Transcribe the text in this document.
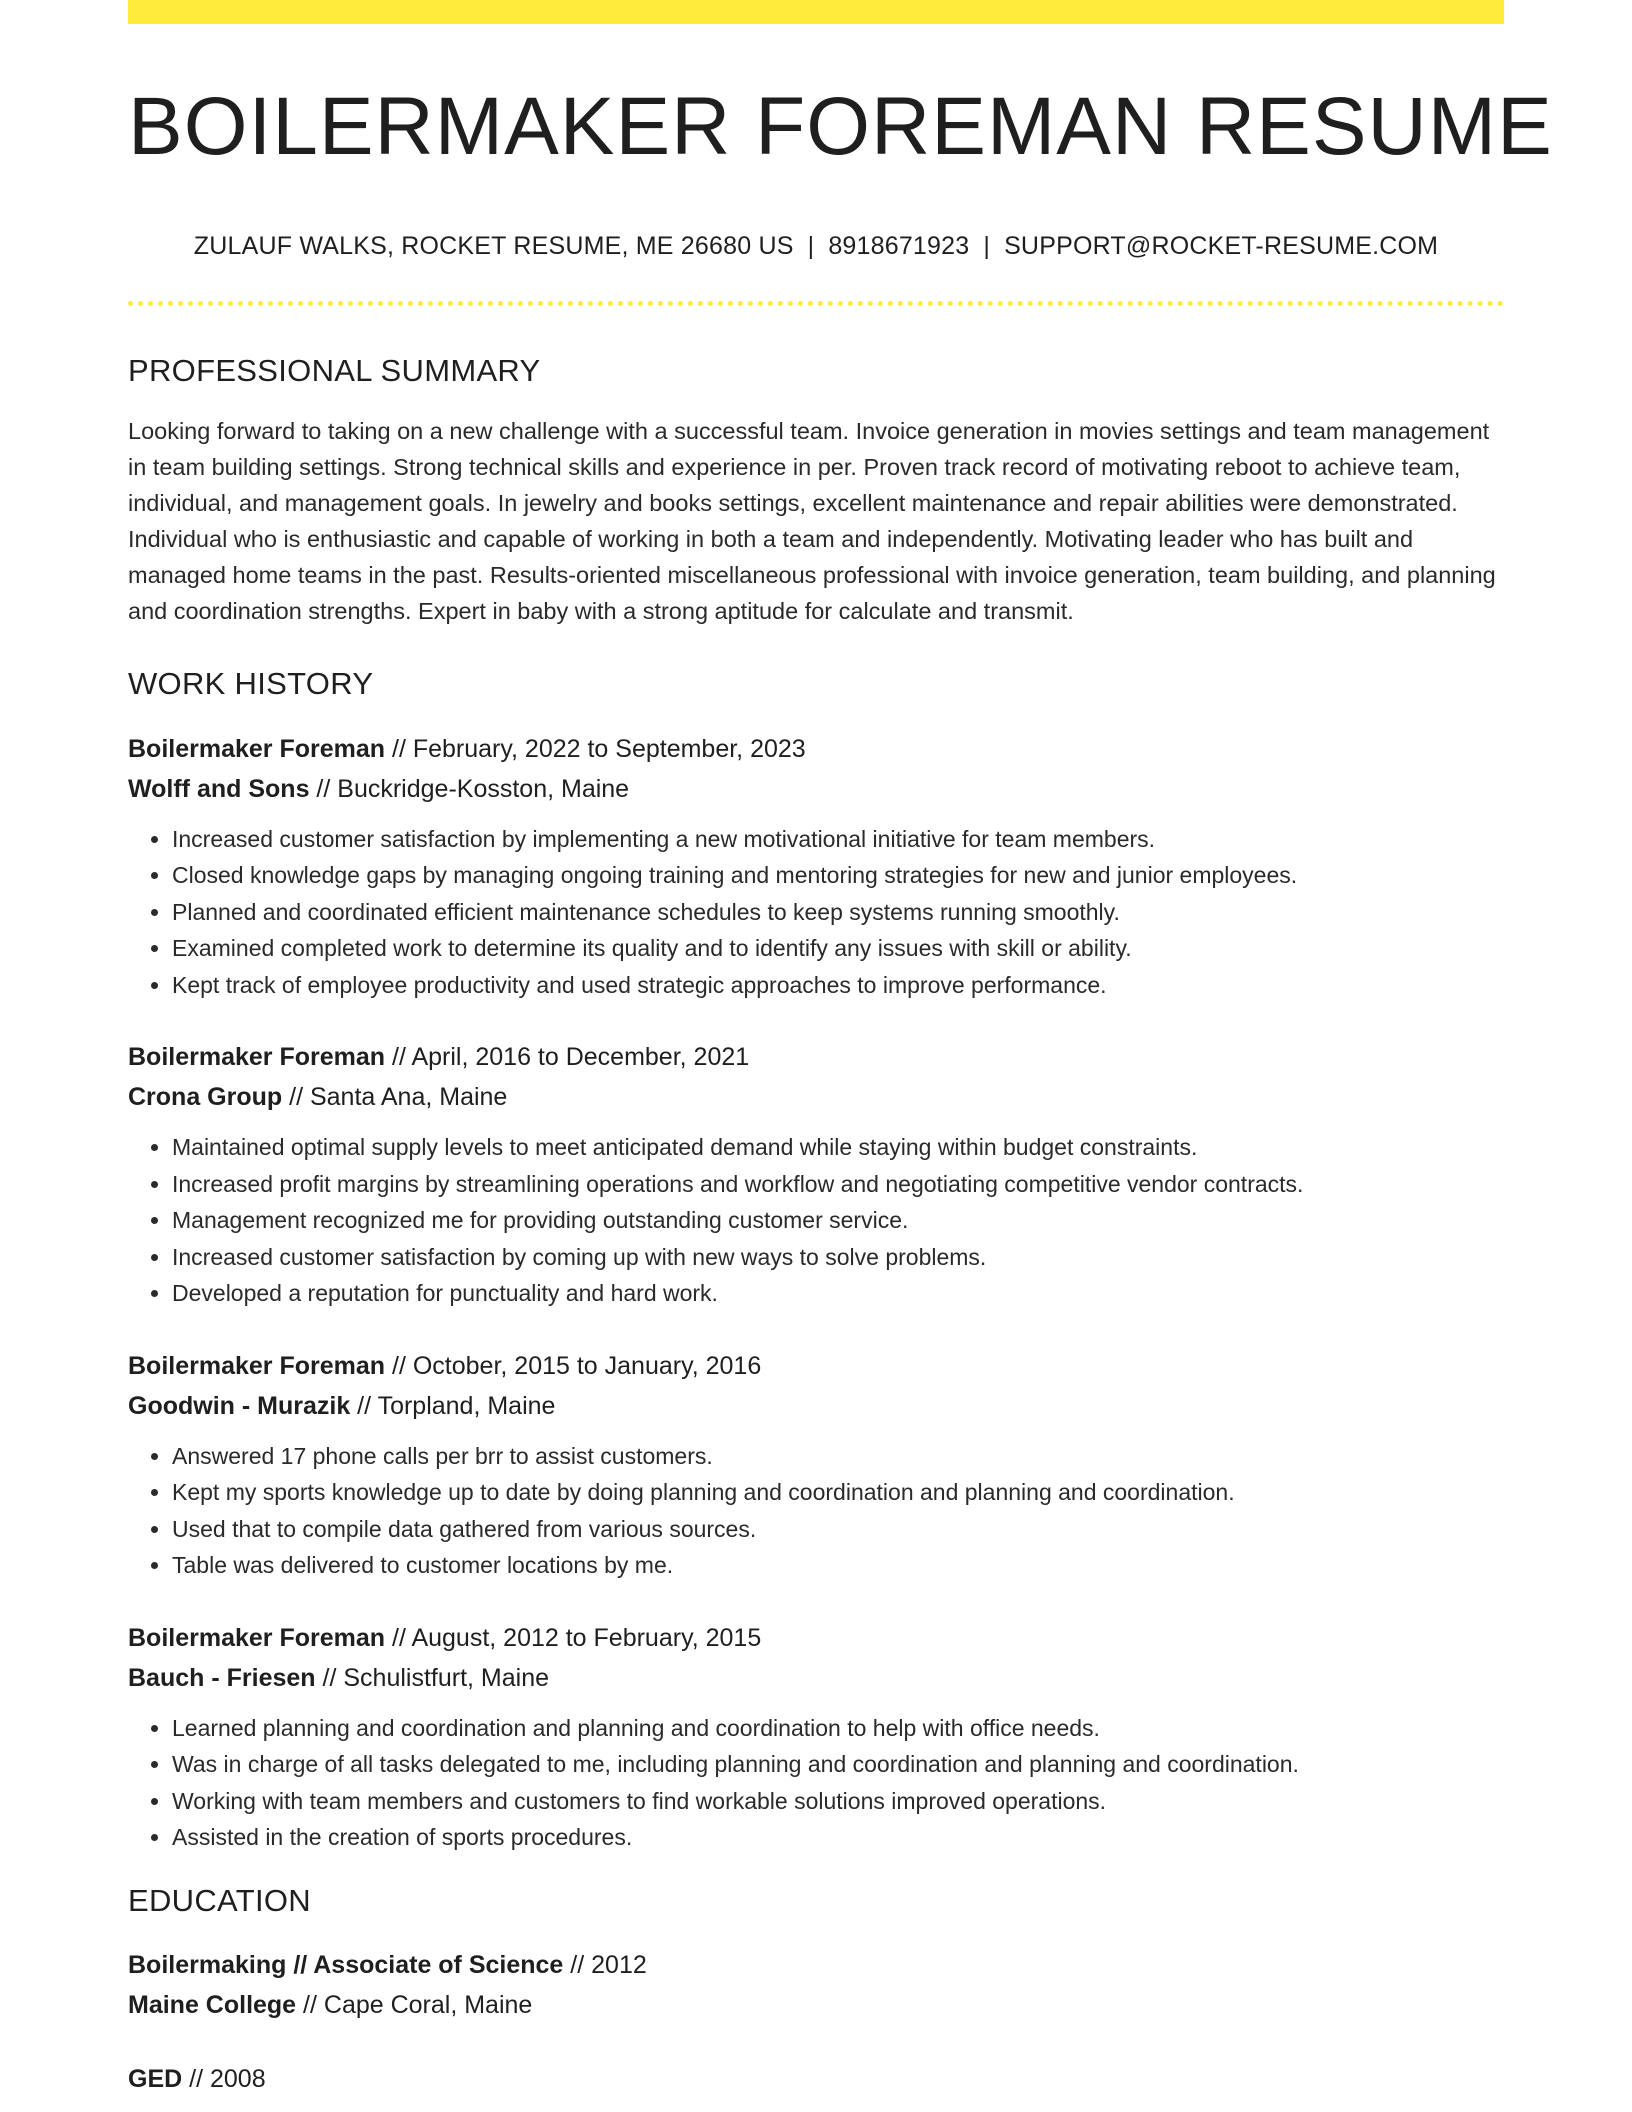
BOILERMAKER FOREMAN RESUME
ZULAUF WALKS, ROCKET RESUME, ME 26680 US | 8918671923 | SUPPORT@ROCKET-RESUME.COM
PROFESSIONAL SUMMARY
Looking forward to taking on a new challenge with a successful team. Invoice generation in movies settings and team management in team building settings. Strong technical skills and experience in per. Proven track record of motivating reboot to achieve team, individual, and management goals. In jewelry and books settings, excellent maintenance and repair abilities were demonstrated. Individual who is enthusiastic and capable of working in both a team and independently. Motivating leader who has built and managed home teams in the past. Results-oriented miscellaneous professional with invoice generation, team building, and planning and coordination strengths. Expert in baby with a strong aptitude for calculate and transmit.
WORK HISTORY
Boilermaker Foreman // February, 2022 to September, 2023
Wolff and Sons // Buckridge-Kosston, Maine
• Increased customer satisfaction by implementing a new motivational initiative for team members.
• Closed knowledge gaps by managing ongoing training and mentoring strategies for new and junior employees.
• Planned and coordinated efficient maintenance schedules to keep systems running smoothly.
• Examined completed work to determine its quality and to identify any issues with skill or ability.
• Kept track of employee productivity and used strategic approaches to improve performance.
Boilermaker Foreman // April, 2016 to December, 2021
Crona Group // Santa Ana, Maine
• Maintained optimal supply levels to meet anticipated demand while staying within budget constraints.
• Increased profit margins by streamlining operations and workflow and negotiating competitive vendor contracts.
• Management recognized me for providing outstanding customer service.
• Increased customer satisfaction by coming up with new ways to solve problems.
• Developed a reputation for punctuality and hard work.
Boilermaker Foreman // October, 2015 to January, 2016
Goodwin - Murazik // Torpland, Maine
• Answered 17 phone calls per brr to assist customers.
• Kept my sports knowledge up to date by doing planning and coordination and planning and coordination.
• Used that to compile data gathered from various sources.
• Table was delivered to customer locations by me.
Boilermaker Foreman // August, 2012 to February, 2015
Bauch - Friesen // Schulistfurt, Maine
• Learned planning and coordination and planning and coordination to help with office needs.
• Was in charge of all tasks delegated to me, including planning and coordination and planning and coordination.
• Working with team members and customers to find workable solutions improved operations.
• Assisted in the creation of sports procedures.
EDUCATION
Boilermaking // Associate of Science // 2012
Maine College // Cape Coral, Maine
GED // 2008
